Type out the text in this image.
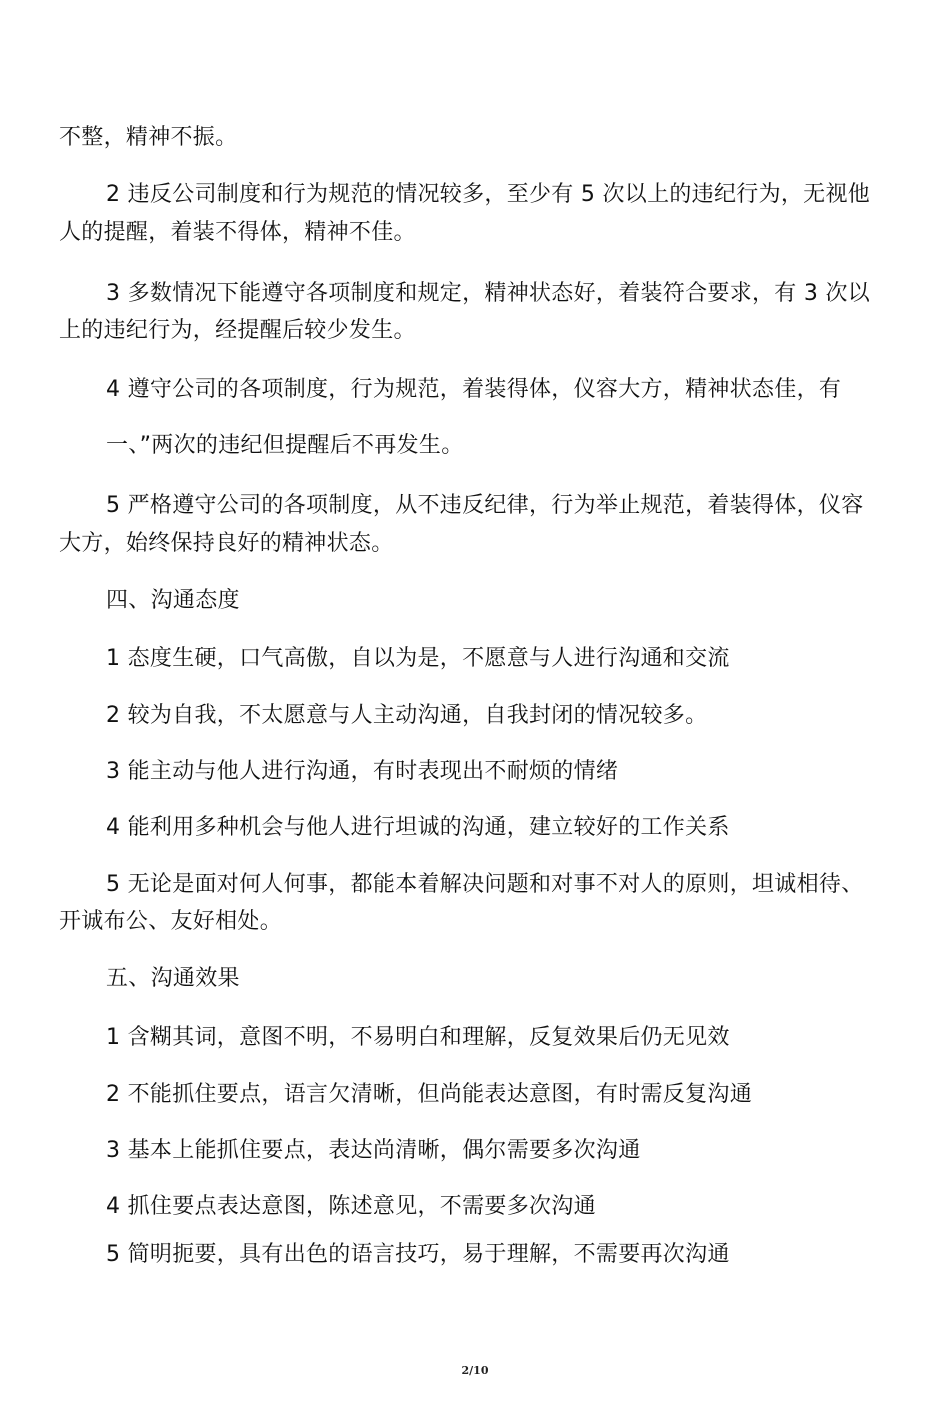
不整，精神不振。
2 违反公司制度和行为规范的情况较多，至少有 5 次以上的违纪行为，无视他
人的提醒，着装不得体，精神不佳。
3 多数情况下能遵守各项制度和规定，精神状态好，着装符合要求，有 3 次以
上的违纪行为，经提醒后较少发生。
4 遵守公司的各项制度，行为规范，着装得体，仪容大方，精神状态佳，有
一、”两次的违纪但提醒后不再发生。
5 严格遵守公司的各项制度，从不违反纪律，行为举止规范，着装得体，仪容
大方，始终保持良好的精神状态。
四、沟通态度
1 态度生硬，口气高傲，自以为是，不愿意与人进行沟通和交流
2 较为自我，不太愿意与人主动沟通，自我封闭的情况较多。
3 能主动与他人进行沟通，有时表现出不耐烦的情绪
4 能利用多种机会与他人进行坦诚的沟通，建立较好的工作关系
5 无论是面对何人何事，都能本着解决问题和对事不对人的原则，坦诚相待、
开诚布公、友好相处。
五、沟通效果
1 含糊其词，意图不明，不易明白和理解，反复效果后仍无见效
2 不能抓住要点，语言欠清晰，但尚能表达意图，有时需反复沟通
3 基本上能抓住要点，表达尚清晰，偶尔需要多次沟通
4 抓住要点表达意图，陈述意见，不需要多次沟通
5 简明扼要，具有出色的语言技巧，易于理解，不需要再次沟通
2/10
